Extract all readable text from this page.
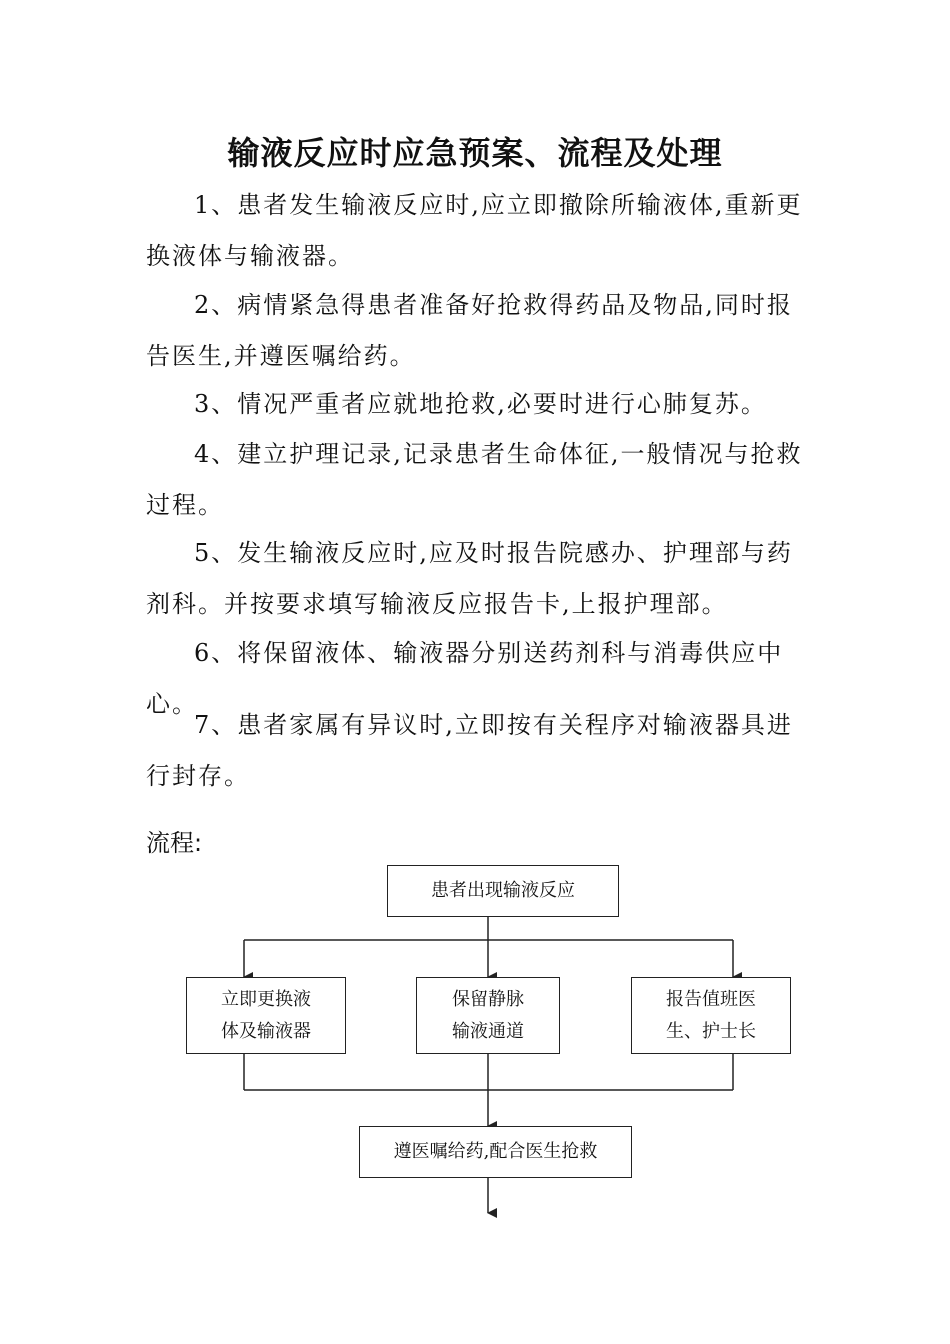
输液反应时应急预案、流程及处理

1、患者发生输液反应时,应立即撤除所输液体,重新更换液体与输液器。

2、病情紧急得患者准备好抢救得药品及物品,同时报告医生,并遵医嘱给药。

3、情况严重者应就地抢救,必要时进行心肺复苏。

4、建立护理记录,记录患者生命体征,一般情况与抢救过程。

5、发生输液反应时,应及时报告院感办、护理部与药剂科。并按要求填写输液反应报告卡,上报护理部。

6、将保留液体、输液器分别送药剂科与消毒供应中心。

7、患者家属有异议时,立即按有关程序对输液器具进行封存。

流程:
患者出现输液反应
立即更换液
体及输液器
保留静脉
输液通道
报告值班医
生、护士长
遵医嘱给药,配合医生抢救
